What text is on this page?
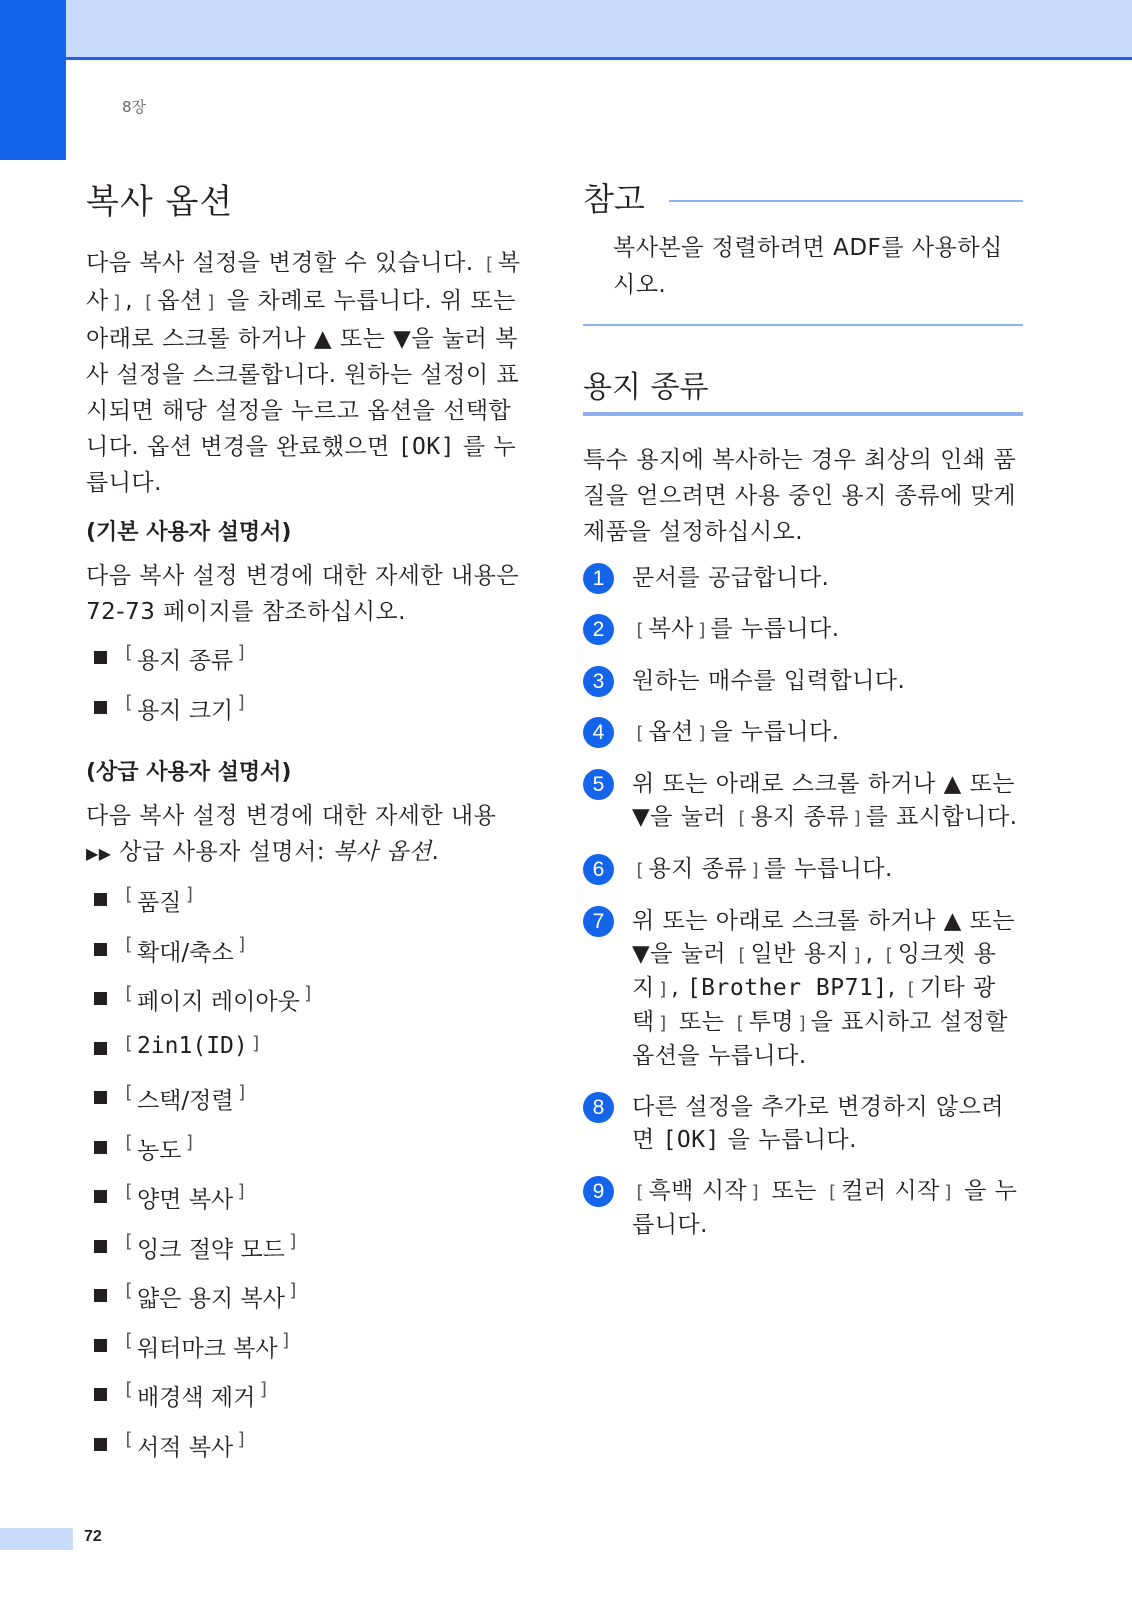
8장
복사 옵션

다음 복사 설정을 변경할 수 있습니다. [ 복사 ] , [ 옵션 ] 을 차례로 누릅니다. 위 또는 아래로 스크롤 하거나 ▲ 또는 ▼을 눌러 복사 설정을 스크롤합니다. 원하는 설정이 표시되면 해당 설정을 누르고 옵션을 선택합니다. 옵션 변경을 완료했으면 [OK] 를 누릅니다.

(기본 사용자 설명서)

다음 복사 설정 변경에 대한 자세한 내용은 72-73 페이지를 참조하십시오.

[ 용지 종류 ]
[ 용지 크기 ]
(상급 사용자 설명서)

다음 복사 설정 변경에 대한 자세한 내용 ▶▶ 상급 사용자 설명서: 복사 옵션.

[ 품질 ]
[ 확대/축소 ]
[ 페이지 레이아웃 ]
[ 2in1(ID) ]
[ 스택/정렬 ]
[ 농도 ]
[ 양면 복사 ]
[ 잉크 절약 모드 ]
[ 얇은 용지 복사 ]
[ 워터마크 복사 ]
[ 배경색 제거 ]
[ 서적 복사 ]
참고
복사본을 정렬하려면 ADF를 사용하십시오.
용지 종류

특수 용지에 복사하는 경우 최상의 인쇄 품질을 얻으려면 사용 중인 용지 종류에 맞게 제품을 설정하십시오.

1	문서를 공급합니다.
2	[ 복사 ] 를 누릅니다.
3	원하는 매수를 입력합니다.
4	[ 옵션 ] 을 누릅니다.
5	위 또는 아래로 스크롤 하거나 ▲ 또는 ▼을 눌러 [ 용지 종류 ] 를 표시합니다.
6	[ 용지 종류 ] 를 누릅니다.
7	위 또는 아래로 스크롤 하거나 ▲ 또는 ▼을 눌러 [ 일반 용지 ] , [ 잉크젯 용지 ] , [Brother BP71], [ 기타 광택 ] 또는 [ 투명 ] 을 표시하고 설정할 옵션을 누릅니다.
8	다른 설정을 추가로 변경하지 않으려면 [OK] 을 누릅니다.
9	[ 흑백 시작 ] 또는 [ 컬러 시작 ] 을 누릅니다.
72
